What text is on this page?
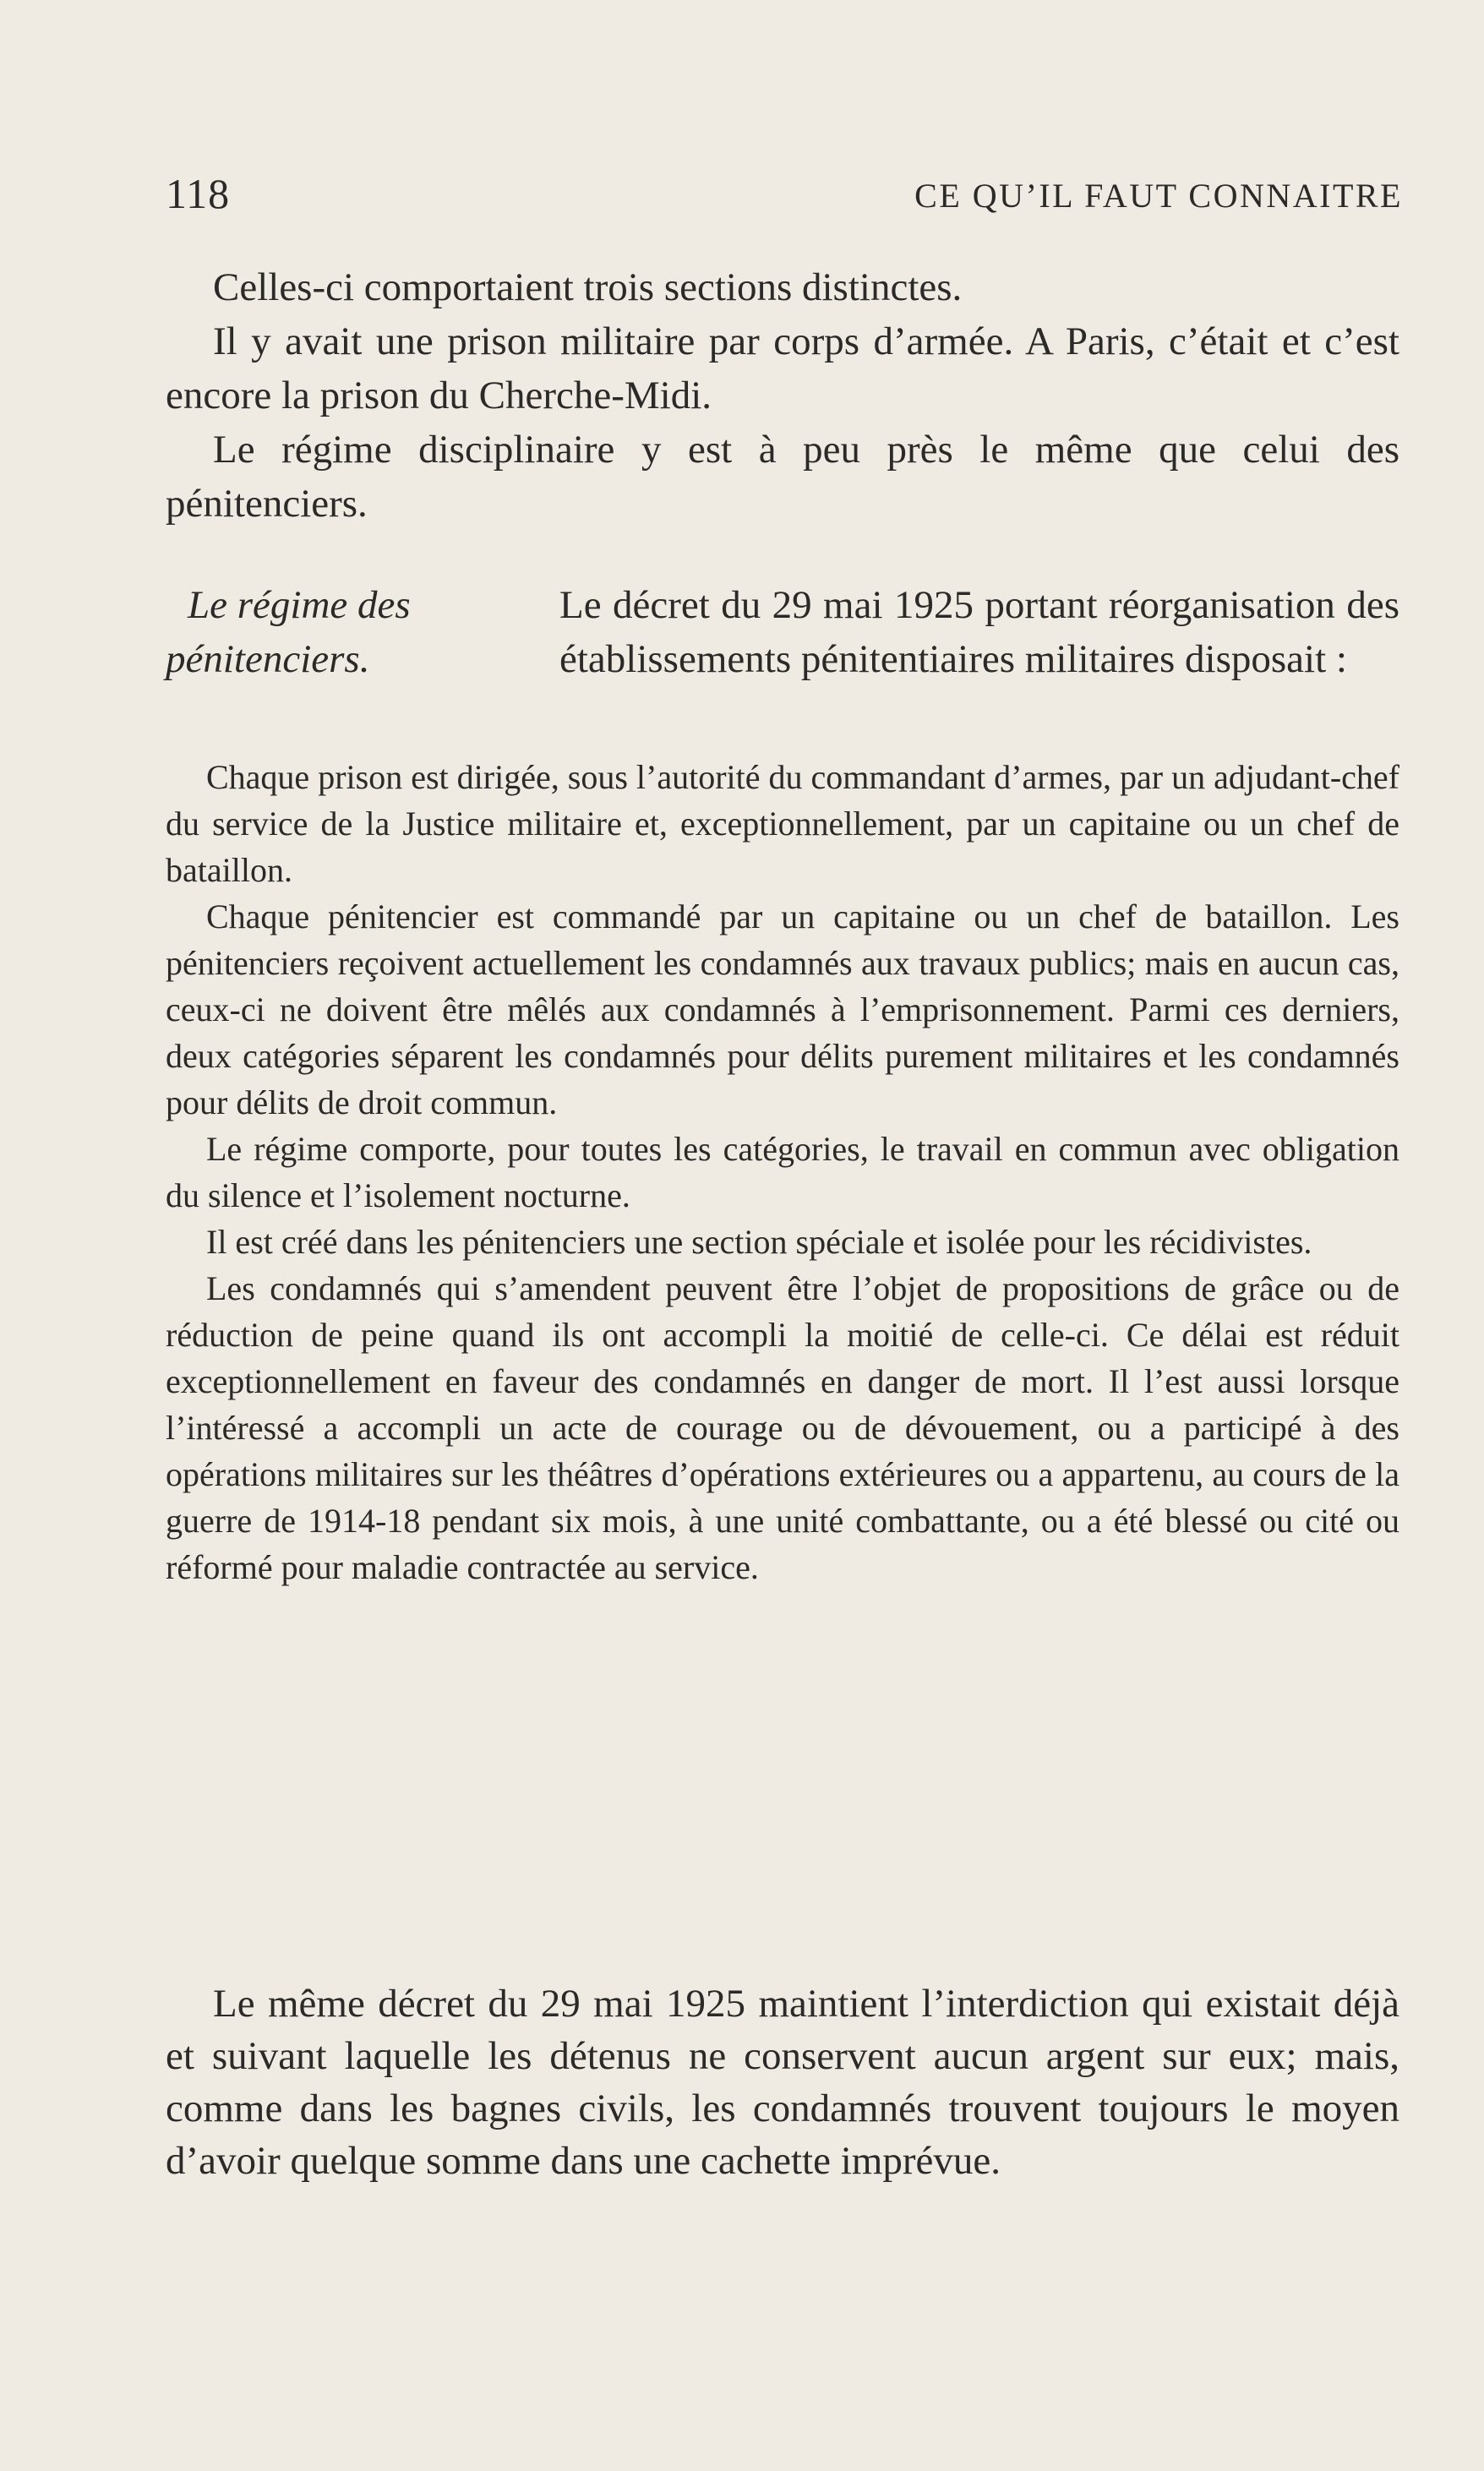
118	CE QU’IL FAUT CONNAITRE

Celles-ci comportaient trois sections distinctes.

Il y avait une prison militaire par corps d’armée. A Paris, c’était et c’est encore la prison du Cherche-Midi.

Le régime disciplinaire y est à peu près le même que celui des pénitenciers.

Le régime des pénitenciers.

Le décret du 29 mai 1925 portant réorganisation des établissements pénitentiaires militaires disposait :

Chaque prison est dirigée, sous l’autorité du commandant d’armes, par un adjudant-chef du service de la Justice militaire et, exceptionnellement, par un capitaine ou un chef de bataillon.

Chaque pénitencier est commandé par un capitaine ou un chef de bataillon. Les pénitenciers reçoivent actuellement les condamnés aux travaux publics; mais en aucun cas, ceux-ci ne doivent être mêlés aux condamnés à l’emprisonnement. Parmi ces derniers, deux catégories séparent les condamnés pour délits purement militaires et les condamnés pour délits de droit commun.

Le régime comporte, pour toutes les catégories, le travail en commun avec obligation du silence et l’isolement nocturne.

Il est créé dans les pénitenciers une section spéciale et isolée pour les récidivistes.

Les condamnés qui s’amendent peuvent être l’objet de propositions de grâce ou de réduction de peine quand ils ont accompli la moitié de celle-ci. Ce délai est réduit exceptionnellement en faveur des condamnés en danger de mort. Il l’est aussi lorsque l’intéressé a accompli un acte de courage ou de dévouement, ou a participé à des opérations militaires sur les théâtres d’opérations extérieures ou a appartenu, au cours de la guerre de 1914-18 pendant six mois, à une unité combattante, ou a été blessé ou cité ou réformé pour maladie contractée au service.

Le même décret du 29 mai 1925 maintient l’interdiction qui existait déjà et suivant laquelle les détenus ne conservent aucun argent sur eux; mais, comme dans les bagnes civils, les condamnés trouvent toujours le moyen d’avoir quelque somme dans une cachette imprévue.
